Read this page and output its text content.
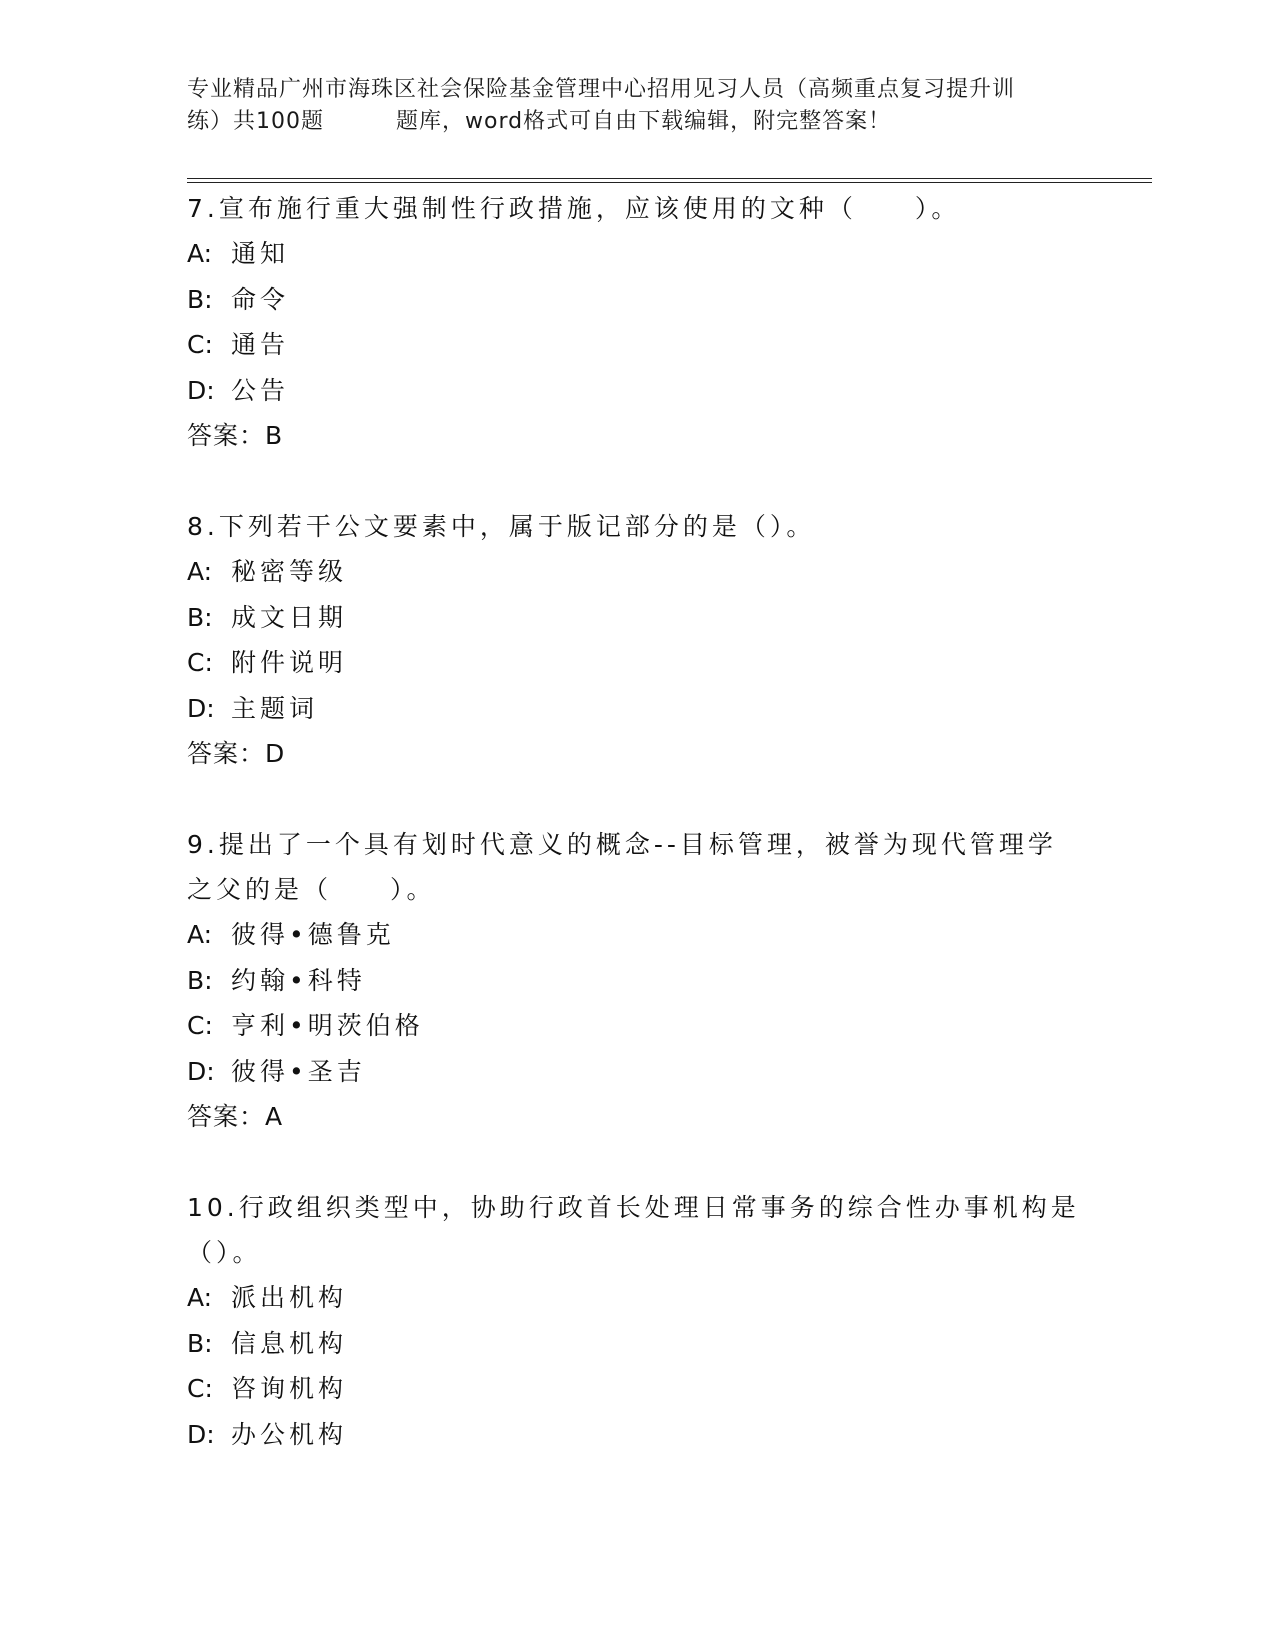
专业精品广州市海珠区社会保险基金管理中心招用见习人员（高频重点复习提升训
练）共100题	题库，word格式可自由下载编辑，附完整答案！

7.宣布施行重大强制性行政措施，应该使用的文种（　　）。

A: 通知

B: 命令

C: 通告

D: 公告

答案：B

8.下列若干公文要素中，属于版记部分的是（）。

A: 秘密等级

B: 成文日期

C: 附件说明

D: 主题词

答案：D

9.提出了一个具有划时代意义的概念--目标管理，被誉为现代管理学

之父的是（　　）。

A: 彼得•德鲁克

B: 约翰•科特

C: 亨利•明茨伯格

D: 彼得•圣吉

答案：A

10.行政组织类型中，协助行政首长处理日常事务的综合性办事机构是

（）。

A: 派出机构

B: 信息机构

C: 咨询机构

D: 办公机构
